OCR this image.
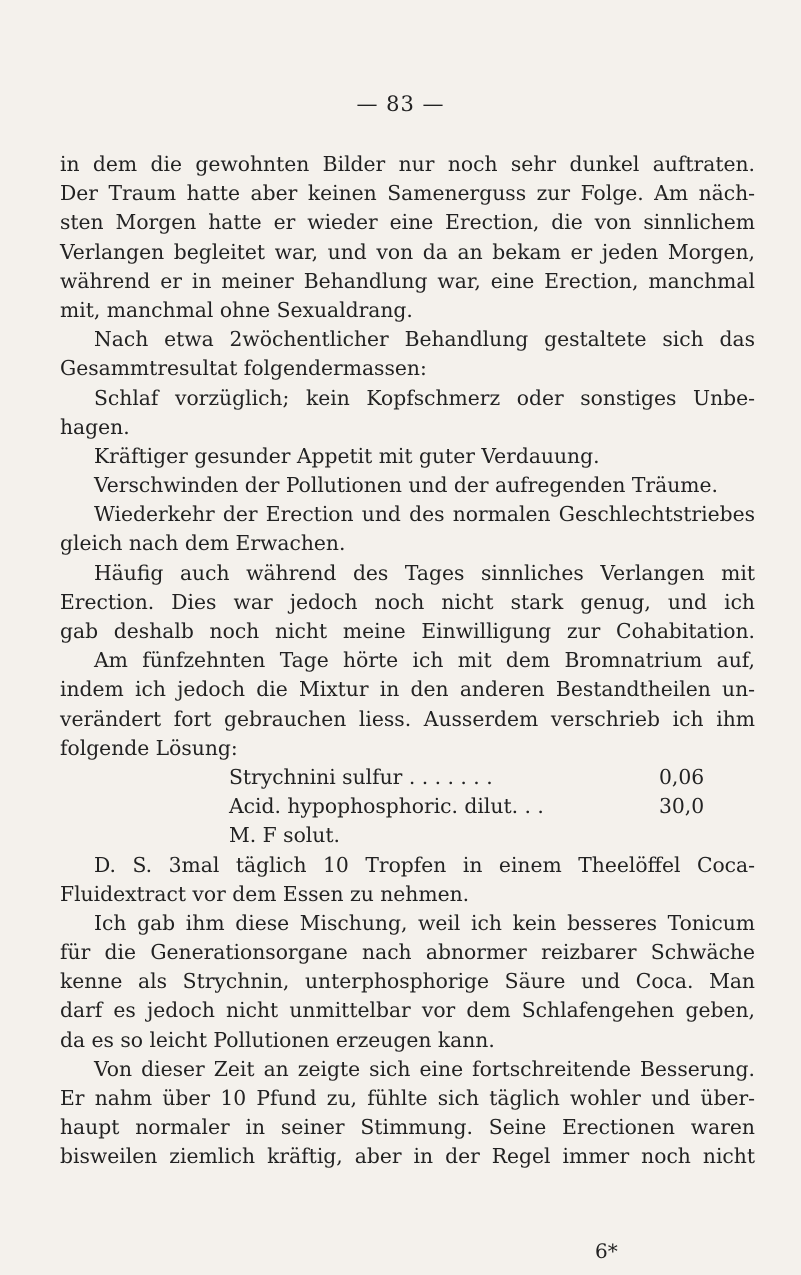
— 83 —
in dem die gewohnten Bilder nur noch sehr dunkel auftraten.
Der Traum hatte aber keinen Samenerguss zur Folge. Am näch-
sten Morgen hatte er wieder eine Erection, die von sinnlichem
Verlangen begleitet war, und von da an bekam er jeden Morgen,
während er in meiner Behandlung war, eine Erection, manchmal
mit, manchmal ohne Sexualdrang.
Nach etwa 2wöchentlicher Behandlung gestaltete sich das
Gesammtresultat folgendermassen:
Schlaf vorzüglich; kein Kopfschmerz oder sonstiges Unbe-
hagen.
Kräftiger gesunder Appetit mit guter Verdauung.
Verschwinden der Pollutionen und der aufregenden Träume.
Wiederkehr der Erection und des normalen Geschlechtstriebes
gleich nach dem Erwachen.
Häufig auch während des Tages sinnliches Verlangen mit
Erection. Dies war jedoch noch nicht stark genug, und ich
gab deshalb noch nicht meine Einwilligung zur Cohabitation.
Am fünfzehnten Tage hörte ich mit dem Bromnatrium auf,
indem ich jedoch die Mixtur in den anderen Bestandtheilen un-
verändert fort gebrauchen liess. Ausserdem verschrieb ich ihm
folgende Lösung:
Strychnini sulfur . . . . . . .	0,06
Acid. hypophosphoric. dilut. . .	30,0
M. F solut.
D. S. 3mal täglich 10 Tropfen in einem Theelöffel Coca-
Fluidextract vor dem Essen zu nehmen.
Ich gab ihm diese Mischung, weil ich kein besseres Tonicum
für die Generationsorgane nach abnormer reizbarer Schwäche
kenne als Strychnin, unterphosphorige Säure und Coca. Man
darf es jedoch nicht unmittelbar vor dem Schlafengehen geben,
da es so leicht Pollutionen erzeugen kann.
Von dieser Zeit an zeigte sich eine fortschreitende Besserung.
Er nahm über 10 Pfund zu, fühlte sich täglich wohler und über-
haupt normaler in seiner Stimmung. Seine Erectionen waren
bisweilen ziemlich kräftig, aber in der Regel immer noch nicht
6*
